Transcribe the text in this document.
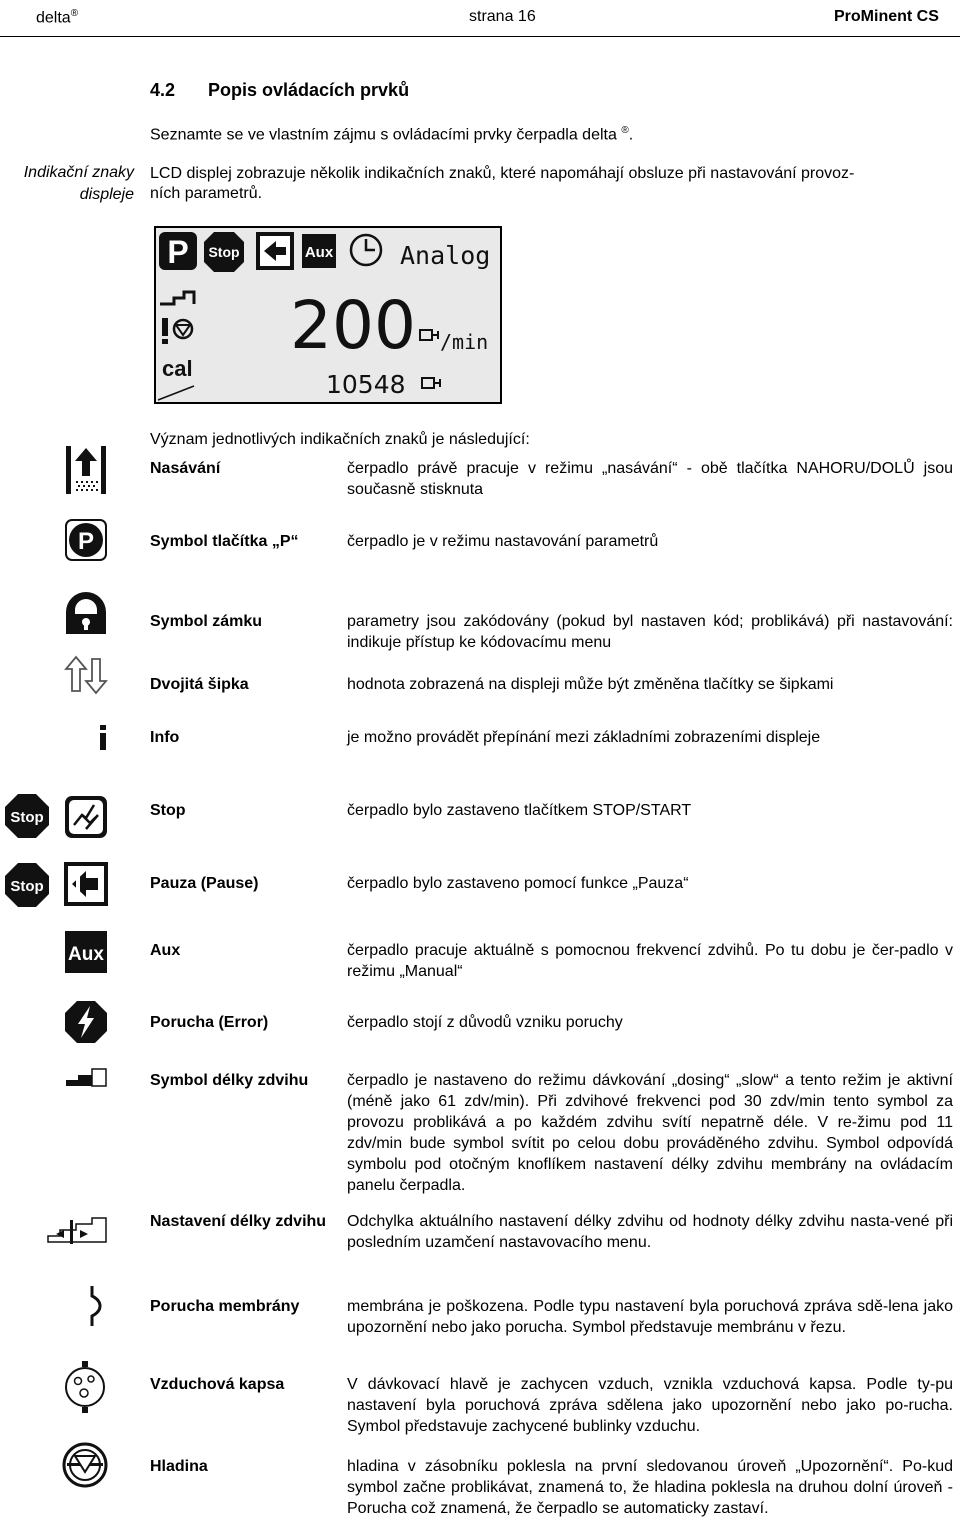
delta®	strana 16	ProMinent CS
4.2 Popis ovládacích prvků
Seznamte se ve vlastním zájmu s ovládacími prvky čerpadla delta ®.
Indikační znaky
displeje
LCD displej zobrazuje několik indikačních znaků, které napomáhají obsluze při nastavování provoz-
ních parametrů.
P Stop	Aux	Analog
cal
200 /min
10548
Význam jednotlivých indikačních znaků je následující:
Nasávání	čerpadlo právě pracuje v režimu „nasávání“ - obě tlačítka NAHORU/DOLŮ jsou současně stisknuta
P	Symbol tlačítka „P“	čerpadlo je v režimu nastavování parametrů
Symbol zámku	parametry jsou zakódovány (pokud byl nastaven kód; problikává) při nastavování: indikuje přístup ke kódovacímu menu
Dvojitá šipka	hodnota zobrazená na displeji může být změněna tlačítky se šipkami
Info	je možno provádět přepínání mezi základními zobrazeními displeje
Stop	Stop	čerpadlo bylo zastaveno tlačítkem STOP/START
Stop	Pauza (Pause)	čerpadlo bylo zastaveno pomocí funkce „Pauza“
Aux	Aux	čerpadlo pracuje aktuálně s pomocnou frekvencí zdvihů. Po tu dobu je čer-padlo v režimu „Manual“
Porucha (Error)	čerpadlo stojí z důvodů vzniku poruchy
Symbol délky zdvihu	čerpadlo je nastaveno do režimu dávkování „dosing“ „slow“ a tento režim je aktivní (méně jako 61 zdv/min). Při zdvihové frekvenci pod 30 zdv/min tento symbol za provozu problikává a po každém zdvihu svítí nepatrně déle. V re-žimu pod 11 zdv/min bude symbol svítit po celou dobu prováděného zdvihu. Symbol odpovídá symbolu pod otočným knoflíkem nastavení délky zdvihu membrány na ovládacím panelu čerpadla.
Nastavení délky zdvihu	Odchylka aktuálního nastavení délky zdvihu od hodnoty délky zdvihu nasta-vené při posledním uzamčení nastavovacího menu.
Porucha membrány	membrána je poškozena. Podle typu nastavení byla poruchová zpráva sdě-lena jako upozornění nebo jako porucha. Symbol představuje membránu v řezu.
Vzduchová kapsa	V dávkovací hlavě je zachycen vzduch, vznikla vzduchová kapsa. Podle ty-pu nastavení byla poruchová zpráva sdělena jako upozornění nebo jako po-rucha. Symbol představuje zachycené bublinky vzduchu.
Hladina	hladina v zásobníku poklesla na první sledovanou úroveň „Upozornění“. Po-kud symbol začne problikávat, znamená to, že hladina poklesla na druhou dolní úroveň - Porucha což znamená, že čerpadlo se automaticky zastaví.
